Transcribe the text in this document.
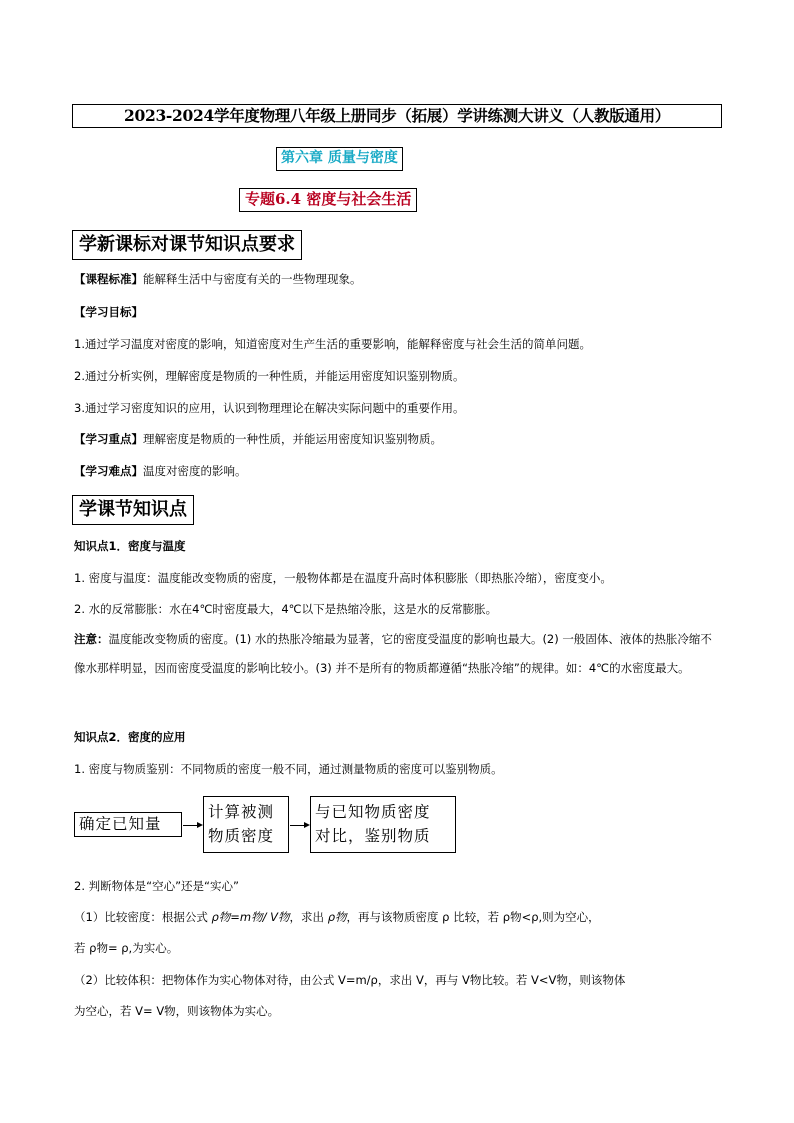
2023-2024学年度物理八年级上册同步（拓展）学讲练测大讲义（人教版通用）
第六章 质量与密度
专题6.4 密度与社会生活
学新课标对课节知识点要求
【课程标准】能解释生活中与密度有关的一些物理现象。
【学习目标】
1.通过学习温度对密度的影响，知道密度对生产生活的重要影响，能解释密度与社会生活的简单问题。
2.通过分析实例，理解密度是物质的一种性质，并能运用密度知识鉴别物质。
3.通过学习密度知识的应用，认识到物理理论在解决实际问题中的重要作用。
【学习重点】理解密度是物质的一种性质，并能运用密度知识鉴别物质。
【学习难点】温度对密度的影响。
学课节知识点
知识点1．密度与温度
1. 密度与温度：温度能改变物质的密度，一般物体都是在温度升高时体积膨胀（即热胀冷缩），密度变小。
2. 水的反常膨胀：水在4℃时密度最大，4℃以下是热缩冷胀，这是水的反常膨胀。
注意：温度能改变物质的密度。(1) 水的热胀冷缩最为显著，它的密度受温度的影响也最大。(2) 一般固体、液体的热胀冷缩不像水那样明显，因而密度受温度的影响比较小。(3) 并不是所有的物质都遵循“热胀冷缩”的规律。如：4℃的水密度最大。
知识点2．密度的应用
1. 密度与物质鉴别：不同物质的密度一般不同，通过测量物质的密度可以鉴别物质。
确定已知量
计算被测
物质密度
与已知物质密度
对比，鉴别物质
2. 判断物体是“空心”还是“实心”
（1）比较密度：根据公式 ρ物=m物/ V物，求出 ρ物，再与该物质密度 ρ 比较，若 ρ物<ρ,则为空心，
若 ρ物= ρ,为实心。
（2）比较体积：把物体作为实心物体对待，由公式 V=m/ρ，求出 V，再与 V物比较。若 V<V物，则该物体
为空心，若 V= V物，则该物体为实心。
